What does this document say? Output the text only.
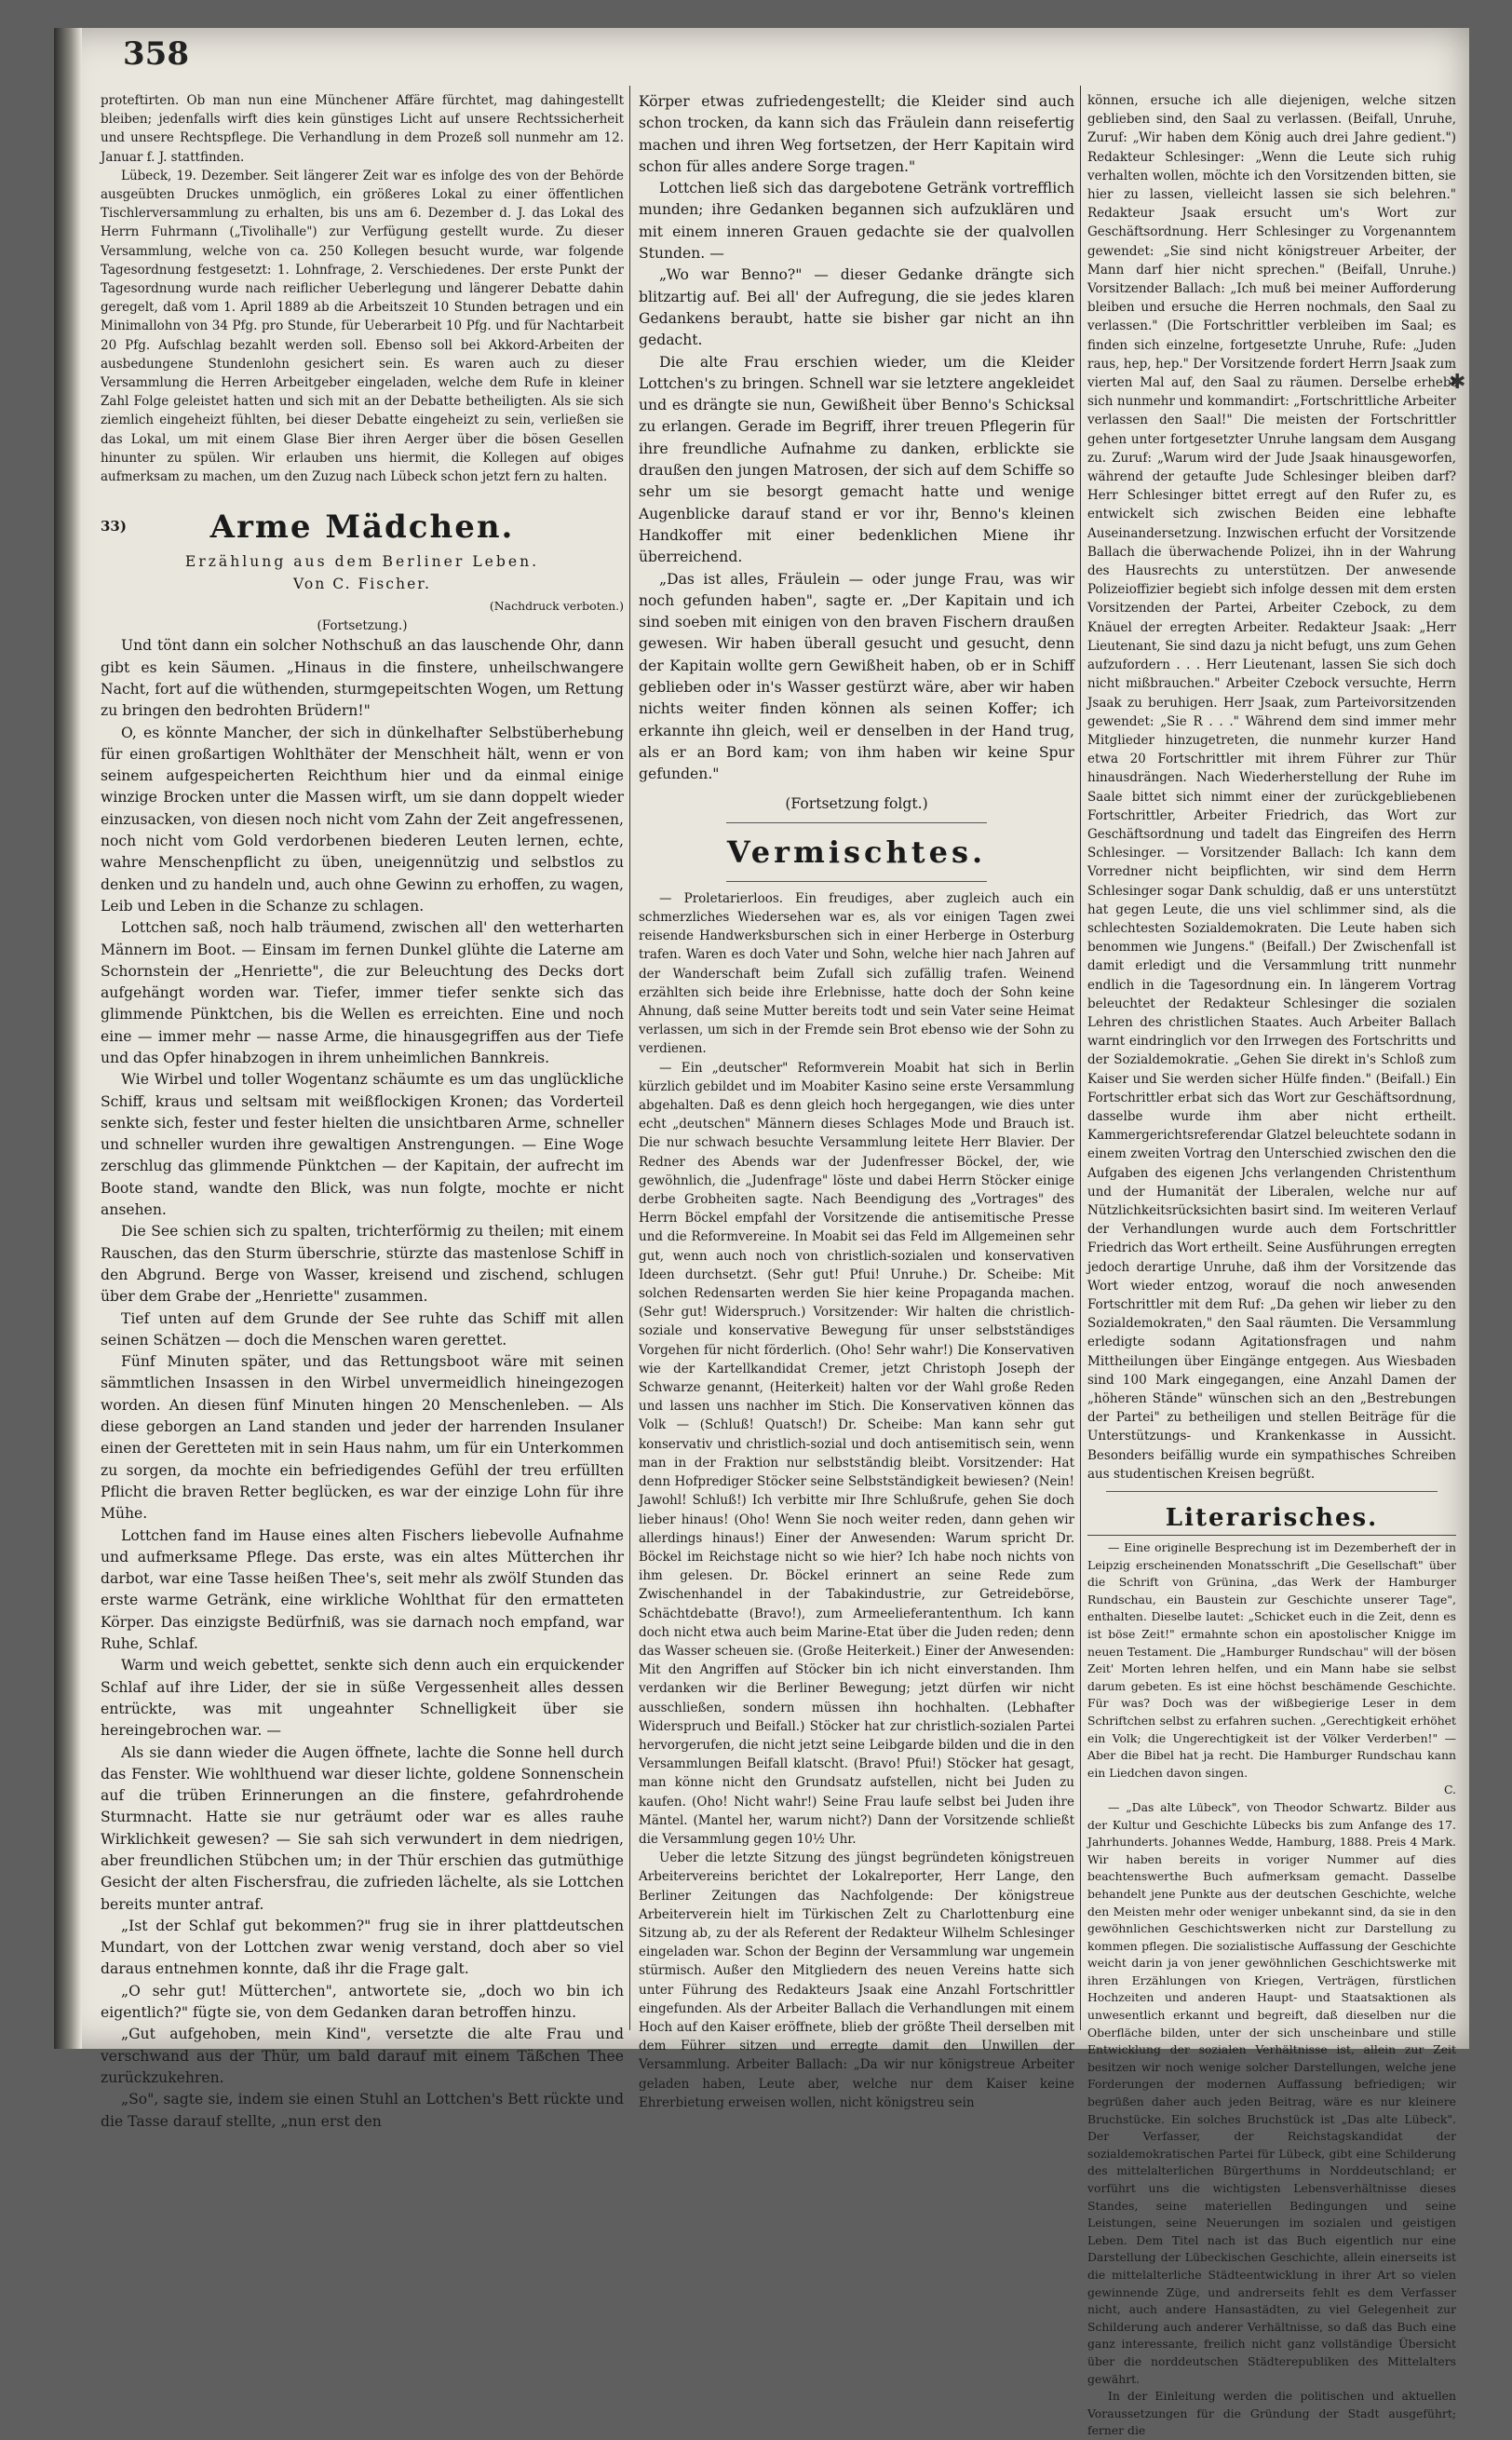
358
✱

proteftirten. Ob man nun eine Münchener Affäre fürchtet, mag dahingestellt bleiben; jedenfalls wirft dies kein günstiges Licht auf unsere Rechtssicherheit und unsere Rechtspflege. Die Verhandlung in dem Prozeß soll nunmehr am 12. Januar f. J. stattfinden.

Lübeck, 19. Dezember. Seit längerer Zeit war es infolge des von der Behörde ausgeübten Druckes unmöglich, ein größeres Lokal zu einer öffentlichen Tischlerversammlung zu erhalten, bis uns am 6. Dezember d. J. das Lokal des Herrn Fuhrmann („Tivolihalle") zur Verfügung gestellt wurde. Zu dieser Versammlung, welche von ca. 250 Kollegen besucht wurde, war folgende Tagesordnung festgesetzt: 1. Lohnfrage, 2. Verschiedenes. Der erste Punkt der Tagesordnung wurde nach reiflicher Ueberlegung und längerer Debatte dahin geregelt, daß vom 1. April 1889 ab die Arbeitszeit 10 Stunden betragen und ein Minimallohn von 34 Pfg. pro Stunde, für Ueberarbeit 10 Pfg. und für Nachtarbeit 20 Pfg. Aufschlag bezahlt werden soll. Ebenso soll bei Akkord-Arbeiten der ausbedungene Stundenlohn gesichert sein. Es waren auch zu dieser Versammlung die Herren Arbeitgeber eingeladen, welche dem Rufe in kleiner Zahl Folge geleistet hatten und sich mit an der Debatte betheiligten. Als sie sich ziemlich eingeheizt fühlten, bei dieser Debatte eingeheizt zu sein, verließen sie das Lokal, um mit einem Glase Bier ihren Aerger über die bösen Gesellen hinunter zu spülen. Wir erlauben uns hiermit, die Kollegen auf obiges aufmerksam zu machen, um den Zuzug nach Lübeck schon jetzt fern zu halten.

33)	Arme Mädchen.

Erzählung aus dem Berliner Leben.

Von C. Fischer.

(Nachdruck verboten.)

(Fortsetzung.)

Und tönt dann ein solcher Nothschuß an das lauschende Ohr, dann gibt es kein Säumen. „Hinaus in die finstere, unheilschwangere Nacht, fort auf die wüthenden, sturmgepeitschten Wogen, um Rettung zu bringen den bedrohten Brüdern!"

O, es könnte Mancher, der sich in dünkelhafter Selbstüberhebung für einen großartigen Wohlthäter der Menschheit hält, wenn er von seinem aufgespeicherten Reichthum hier und da einmal einige winzige Brocken unter die Massen wirft, um sie dann doppelt wieder einzusacken, von diesen noch nicht vom Zahn der Zeit angefressenen, noch nicht vom Gold verdorbenen biederen Leuten lernen, echte, wahre Menschenpflicht zu üben, uneigennützig und selbstlos zu denken und zu handeln und, auch ohne Gewinn zu erhoffen, zu wagen, Leib und Leben in die Schanze zu schlagen.

Lottchen saß, noch halb träumend, zwischen all' den wetterharten Männern im Boot. — Einsam im fernen Dunkel glühte die Laterne am Schornstein der „Henriette", die zur Beleuchtung des Decks dort aufgehängt worden war. Tiefer, immer tiefer senkte sich das glimmende Pünktchen, bis die Wellen es erreichten. Eine und noch eine — immer mehr — nasse Arme, die hinausgegriffen aus der Tiefe und das Opfer hinabzogen in ihrem unheimlichen Bannkreis.

Wie Wirbel und toller Wogentanz schäumte es um das unglückliche Schiff, kraus und seltsam mit weißflockigen Kronen; das Vorderteil senkte sich, fester und fester hielten die unsichtbaren Arme, schneller und schneller wurden ihre gewaltigen Anstrengungen. — Eine Woge zerschlug das glimmende Pünktchen — der Kapitain, der aufrecht im Boote stand, wandte den Blick, was nun folgte, mochte er nicht ansehen.

Die See schien sich zu spalten, trichterförmig zu theilen; mit einem Rauschen, das den Sturm überschrie, stürzte das mastenlose Schiff in den Abgrund. Berge von Wasser, kreisend und zischend, schlugen über dem Grabe der „Henriette" zusammen.

Tief unten auf dem Grunde der See ruhte das Schiff mit allen seinen Schätzen — doch die Menschen waren gerettet.

Fünf Minuten später, und das Rettungsboot wäre mit seinen sämmtlichen Insassen in den Wirbel unvermeidlich hineingezogen worden. An diesen fünf Minuten hingen 20 Menschenleben. — Als diese geborgen an Land standen und jeder der harrenden Insulaner einen der Geretteten mit in sein Haus nahm, um für ein Unterkommen zu sorgen, da mochte ein befriedigendes Gefühl der treu erfüllten Pflicht die braven Retter beglücken, es war der einzige Lohn für ihre Mühe.

Lottchen fand im Hause eines alten Fischers liebevolle Aufnahme und aufmerksame Pflege. Das erste, was ein altes Mütterchen ihr darbot, war eine Tasse heißen Thee's, seit mehr als zwölf Stunden das erste warme Getränk, eine wirkliche Wohlthat für den ermatteten Körper. Das einzigste Bedürfniß, was sie darnach noch empfand, war Ruhe, Schlaf.

Warm und weich gebettet, senkte sich denn auch ein erquickender Schlaf auf ihre Lider, der sie in süße Vergessenheit alles dessen entrückte, was mit ungeahnter Schnelligkeit über sie hereingebrochen war. —

Als sie dann wieder die Augen öffnete, lachte die Sonne hell durch das Fenster. Wie wohlthuend war dieser lichte, goldene Sonnenschein auf die trüben Erinnerungen an die finstere, gefahrdrohende Sturmnacht. Hatte sie nur geträumt oder war es alles rauhe Wirklichkeit gewesen? — Sie sah sich verwundert in dem niedrigen, aber freundlichen Stübchen um; in der Thür erschien das gutmüthige Gesicht der alten Fischersfrau, die zufrieden lächelte, als sie Lottchen bereits munter antraf.

„Ist der Schlaf gut bekommen?" frug sie in ihrer plattdeutschen Mundart, von der Lottchen zwar wenig verstand, doch aber so viel daraus entnehmen konnte, daß ihr die Frage galt.

„O sehr gut! Mütterchen", antwortete sie, „doch wo bin ich eigentlich?" fügte sie, von dem Gedanken daran betroffen hinzu.

„Gut aufgehoben, mein Kind", versetzte die alte Frau und verschwand aus der Thür, um bald darauf mit einem Täßchen Thee zurückzukehren.

„So", sagte sie, indem sie einen Stuhl an Lottchen's Bett rückte und die Tasse darauf stellte, „nun erst den

Körper etwas zufriedengestellt; die Kleider sind auch schon trocken, da kann sich das Fräulein dann reisefertig machen und ihren Weg fortsetzen, der Herr Kapitain wird schon für alles andere Sorge tragen."

Lottchen ließ sich das dargebotene Getränk vortrefflich munden; ihre Gedanken begannen sich aufzuklären und mit einem inneren Grauen gedachte sie der qualvollen Stunden. —

„Wo war Benno?" — dieser Gedanke drängte sich blitzartig auf. Bei all' der Aufregung, die sie jedes klaren Gedankens beraubt, hatte sie bisher gar nicht an ihn gedacht.

Die alte Frau erschien wieder, um die Kleider Lottchen's zu bringen. Schnell war sie letztere angekleidet und es drängte sie nun, Gewißheit über Benno's Schicksal zu erlangen. Gerade im Begriff, ihrer treuen Pflegerin für ihre freundliche Aufnahme zu danken, erblickte sie draußen den jungen Matrosen, der sich auf dem Schiffe so sehr um sie besorgt gemacht hatte und wenige Augenblicke darauf stand er vor ihr, Benno's kleinen Handkoffer mit einer bedenklichen Miene ihr überreichend.

„Das ist alles, Fräulein — oder junge Frau, was wir noch gefunden haben", sagte er. „Der Kapitain und ich sind soeben mit einigen von den braven Fischern draußen gewesen. Wir haben überall gesucht und gesucht, denn der Kapitain wollte gern Gewißheit haben, ob er in Schiff geblieben oder in's Wasser gestürzt wäre, aber wir haben nichts weiter finden können als seinen Koffer; ich erkannte ihn gleich, weil er denselben in der Hand trug, als er an Bord kam; von ihm haben wir keine Spur gefunden."

(Fortsetzung folgt.)

Vermischtes.

— Proletarierloos. Ein freudiges, aber zugleich auch ein schmerzliches Wiedersehen war es, als vor einigen Tagen zwei reisende Handwerksburschen sich in einer Herberge in Osterburg trafen. Waren es doch Vater und Sohn, welche hier nach Jahren auf der Wanderschaft beim Zufall sich zufällig trafen. Weinend erzählten sich beide ihre Erlebnisse, hatte doch der Sohn keine Ahnung, daß seine Mutter bereits todt und sein Vater seine Heimat verlassen, um sich in der Fremde sein Brot ebenso wie der Sohn zu verdienen.

— Ein „deutscher" Reformverein Moabit hat sich in Berlin kürzlich gebildet und im Moabiter Kasino seine erste Versammlung abgehalten. Daß es denn gleich hoch hergegangen, wie dies unter echt „deutschen" Männern dieses Schlages Mode und Brauch ist. Die nur schwach besuchte Versammlung leitete Herr Blavier. Der Redner des Abends war der Judenfresser Böckel, der, wie gewöhnlich, die „Judenfrage" löste und dabei Herrn Stöcker einige derbe Grobheiten sagte. Nach Beendigung des „Vortrages" des Herrn Böckel empfahl der Vorsitzende die antisemitische Presse und die Reformvereine. In Moabit sei das Feld im Allgemeinen sehr gut, wenn auch noch von christlich-sozialen und konservativen Ideen durchsetzt. (Sehr gut! Pfui! Unruhe.) Dr. Scheibe: Mit solchen Redensarten werden Sie hier keine Propaganda machen. (Sehr gut! Widerspruch.) Vorsitzender: Wir halten die christlich-soziale und konservative Bewegung für unser selbstständiges Vorgehen für nicht förderlich. (Oho! Sehr wahr!) Die Konservativen wie der Kartellkandidat Cremer, jetzt Christoph Joseph der Schwarze genannt, (Heiterkeit) halten vor der Wahl große Reden und lassen uns nachher im Stich. Die Konservativen können das Volk — (Schluß! Quatsch!) Dr. Scheibe: Man kann sehr gut konservativ und christlich-sozial und doch antisemitisch sein, wenn man in der Fraktion nur selbstständig bleibt. Vorsitzender: Hat denn Hofprediger Stöcker seine Selbstständigkeit bewiesen? (Nein! Jawohl! Schluß!) Ich verbitte mir Ihre Schlußrufe, gehen Sie doch lieber hinaus! (Oho! Wenn Sie noch weiter reden, dann gehen wir allerdings hinaus!) Einer der Anwesenden: Warum spricht Dr. Böckel im Reichstage nicht so wie hier? Ich habe noch nichts von ihm gelesen. Dr. Böckel erinnert an seine Rede zum Zwischenhandel in der Tabakindustrie, zur Getreidebörse, Schächtdebatte (Bravo!), zum Armeelieferantenthum. Ich kann doch nicht etwa auch beim Marine-Etat über die Juden reden; denn das Wasser scheuen sie. (Große Heiterkeit.) Einer der Anwesenden: Mit den Angriffen auf Stöcker bin ich nicht einverstanden. Ihm verdanken wir die Berliner Bewegung; jetzt dürfen wir nicht ausschließen, sondern müssen ihn hochhalten. (Lebhafter Widerspruch und Beifall.) Stöcker hat zur christlich-sozialen Partei hervorgerufen, die nicht jetzt seine Leibgarde bilden und die in den Versammlungen Beifall klatscht. (Bravo! Pfui!) Stöcker hat gesagt, man könne nicht den Grundsatz aufstellen, nicht bei Juden zu kaufen. (Oho! Nicht wahr!) Seine Frau laufe selbst bei Juden ihre Mäntel. (Mantel her, warum nicht?) Dann der Vorsitzende schließt die Versammlung gegen 10½ Uhr.

Ueber die letzte Sitzung des jüngst begründeten königstreuen Arbeitervereins berichtet der Lokalreporter, Herr Lange, den Berliner Zeitungen das Nachfolgende: Der königstreue Arbeiterverein hielt im Türkischen Zelt zu Charlottenburg eine Sitzung ab, zu der als Referent der Redakteur Wilhelm Schlesinger eingeladen war. Schon der Beginn der Versammlung war ungemein stürmisch. Außer den Mitgliedern des neuen Vereins hatte sich unter Führung des Redakteurs Jsaak eine Anzahl Fortschrittler eingefunden. Als der Arbeiter Ballach die Verhandlungen mit einem Hoch auf den Kaiser eröffnete, blieb der größte Theil derselben mit dem Führer sitzen und erregte damit den Unwillen der Versammlung. Arbeiter Ballach: „Da wir nur königstreue Arbeiter geladen haben, Leute aber, welche nur dem Kaiser keine Ehrerbietung erweisen wollen, nicht königstreu sein

können, ersuche ich alle diejenigen, welche sitzen geblieben sind, den Saal zu verlassen. (Beifall, Unruhe, Zuruf: „Wir haben dem König auch drei Jahre gedient.") Redakteur Schlesinger: „Wenn die Leute sich ruhig verhalten wollen, möchte ich den Vorsitzenden bitten, sie hier zu lassen, vielleicht lassen sie sich belehren." Redakteur Jsaak ersucht um's Wort zur Geschäftsordnung. Herr Schlesinger zu Vorgenanntem gewendet: „Sie sind nicht königstreuer Arbeiter, der Mann darf hier nicht sprechen." (Beifall, Unruhe.) Vorsitzender Ballach: „Ich muß bei meiner Aufforderung bleiben und ersuche die Herren nochmals, den Saal zu verlassen." (Die Fortschrittler verbleiben im Saal; es finden sich einzelne, fortgesetzte Unruhe, Rufe: „Juden raus, hep, hep." Der Vorsitzende fordert Herrn Jsaak zum vierten Mal auf, den Saal zu räumen. Derselbe erhebt sich nunmehr und kommandirt: „Fortschrittliche Arbeiter verlassen den Saal!" Die meisten der Fortschrittler gehen unter fortgesetzter Unruhe langsam dem Ausgang zu. Zuruf: „Warum wird der Jude Jsaak hinausgeworfen, während der getaufte Jude Schlesinger bleiben darf? Herr Schlesinger bittet erregt auf den Rufer zu, es entwickelt sich zwischen Beiden eine lebhafte Auseinandersetzung. Inzwischen erfucht der Vorsitzende Ballach die überwachende Polizei, ihn in der Wahrung des Hausrechts zu unterstützen. Der anwesende Polizeioffizier begiebt sich infolge dessen mit dem ersten Vorsitzenden der Partei, Arbeiter Czebock, zu dem Knäuel der erregten Arbeiter. Redakteur Jsaak: „Herr Lieutenant, Sie sind dazu ja nicht befugt, uns zum Gehen aufzufordern . . . Herr Lieutenant, lassen Sie sich doch nicht mißbrauchen." Arbeiter Czebock versuchte, Herrn Jsaak zu beruhigen. Herr Jsaak, zum Parteivorsitzenden gewendet: „Sie R . . ." Während dem sind immer mehr Mitglieder hinzugetreten, die nunmehr kurzer Hand etwa 20 Fortschrittler mit ihrem Führer zur Thür hinausdrängen. Nach Wiederherstellung der Ruhe im Saale bittet sich nimmt einer der zurückgebliebenen Fortschrittler, Arbeiter Friedrich, das Wort zur Geschäftsordnung und tadelt das Eingreifen des Herrn Schlesinger. — Vorsitzender Ballach: Ich kann dem Vorredner nicht beipflichten, wir sind dem Herrn Schlesinger sogar Dank schuldig, daß er uns unterstützt hat gegen Leute, die uns viel schlimmer sind, als die schlechtesten Sozialdemokraten. Die Leute haben sich benommen wie Jungens." (Beifall.) Der Zwischenfall ist damit erledigt und die Versammlung tritt nunmehr endlich in die Tagesordnung ein. In längerem Vortrag beleuchtet der Redakteur Schlesinger die sozialen Lehren des christlichen Staates. Auch Arbeiter Ballach warnt eindringlich vor den Irrwegen des Fortschritts und der Sozialdemokratie. „Gehen Sie direkt in's Schloß zum Kaiser und Sie werden sicher Hülfe finden." (Beifall.) Ein Fortschrittler erbat sich das Wort zur Geschäftsordnung, dasselbe wurde ihm aber nicht ertheilt. Kammergerichtsreferendar Glatzel beleuchtete sodann in einem zweiten Vortrag den Unterschied zwischen den die Aufgaben des eigenen Jchs verlangenden Christenthum und der Humanität der Liberalen, welche nur auf Nützlichkeitsrücksichten basirt sind. Im weiteren Verlauf der Verhandlungen wurde auch dem Fortschrittler Friedrich das Wort ertheilt. Seine Ausführungen erregten jedoch derartige Unruhe, daß ihm der Vorsitzende das Wort wieder entzog, worauf die noch anwesenden Fortschrittler mit dem Ruf: „Da gehen wir lieber zu den Sozialdemokraten," den Saal räumten. Die Versammlung erledigte sodann Agitationsfragen und nahm Mittheilungen über Eingänge entgegen. Aus Wiesbaden sind 100 Mark eingegangen, eine Anzahl Damen der „höheren Stände" wünschen sich an den „Bestrebungen der Partei" zu betheiligen und stellen Beiträge für die Unterstützungs- und Krankenkasse in Aussicht. Besonders beifällig wurde ein sympathisches Schreiben aus studentischen Kreisen begrüßt.

Literarisches.

— Eine originelle Besprechung ist im Dezemberheft der in Leipzig erscheinenden Monatsschrift „Die Gesellschaft" über die Schrift von Grünina, „das Werk der Hamburger Rundschau, ein Baustein zur Geschichte unserer Tage", enthalten. Dieselbe lautet: „Schicket euch in die Zeit, denn es ist böse Zeit!" ermahnte schon ein apostolischer Knigge im neuen Testament. Die „Hamburger Rundschau" will der bösen Zeit' Morten lehren helfen, und ein Mann habe sie selbst darum gebeten. Es ist eine höchst beschämende Geschichte. Für was? Doch was der wißbegierige Leser in dem Schriftchen selbst zu erfahren suchen. „Gerechtigkeit erhöhet ein Volk; die Ungerechtigkeit ist der Völker Verderben!" — Aber die Bibel hat ja recht. Die Hamburger Rundschau kann ein Liedchen davon singen.

C.

— „Das alte Lübeck", von Theodor Schwartz. Bilder aus der Kultur und Geschichte Lübecks bis zum Anfange des 17. Jahrhunderts. Johannes Wedde, Hamburg, 1888. Preis 4 Mark. Wir haben bereits in voriger Nummer auf dies beachtenswerthe Buch aufmerksam gemacht. Dasselbe behandelt jene Punkte aus der deutschen Geschichte, welche den Meisten mehr oder weniger unbekannt sind, da sie in den gewöhnlichen Geschichtswerken nicht zur Darstellung zu kommen pflegen. Die sozialistische Auffassung der Geschichte weicht darin ja von jener gewöhnlichen Geschichtswerke mit ihren Erzählungen von Kriegen, Verträgen, fürstlichen Hochzeiten und anderen Haupt- und Staatsaktionen als unwesentlich erkannt und begreift, daß dieselben nur die Oberfläche bilden, unter der sich unscheinbare und stille Entwicklung der sozialen Verhältnisse ist, allein zur Zeit besitzen wir noch wenige solcher Darstellungen, welche jene Forderungen der modernen Auffassung befriedigen; wir begrüßen daher auch jeden Beitrag, wäre es nur kleinere Bruchstücke. Ein solches Bruchstück ist „Das alte Lübeck". Der Verfasser, der Reichstagskandidat der sozialdemokratischen Partei für Lübeck, gibt eine Schilderung des mittelalterlichen Bürgerthums in Norddeutschland; er vorführt uns die wichtigsten Lebensverhältnisse dieses Standes, seine materiellen Bedingungen und seine Leistungen, seine Neuerungen im sozialen und geistigen Leben. Dem Titel nach ist das Buch eigentlich nur eine Darstellung der Lübeckischen Geschichte, allein einerseits ist die mittelalterliche Städteentwicklung in ihrer Art so vielen gewinnende Züge, und andrerseits fehlt es dem Verfasser nicht, auch andere Hansastädten, zu viel Gelegenheit zur Schilderung auch anderer Verhältnisse, so daß das Buch eine ganz interessante, freilich nicht ganz vollständige Übersicht über die norddeutschen Städterepubliken des Mittelalters gewährt.

In der Einleitung werden die politischen und aktuellen Voraussetzungen für die Gründung der Stadt ausgeführt; ferner die
